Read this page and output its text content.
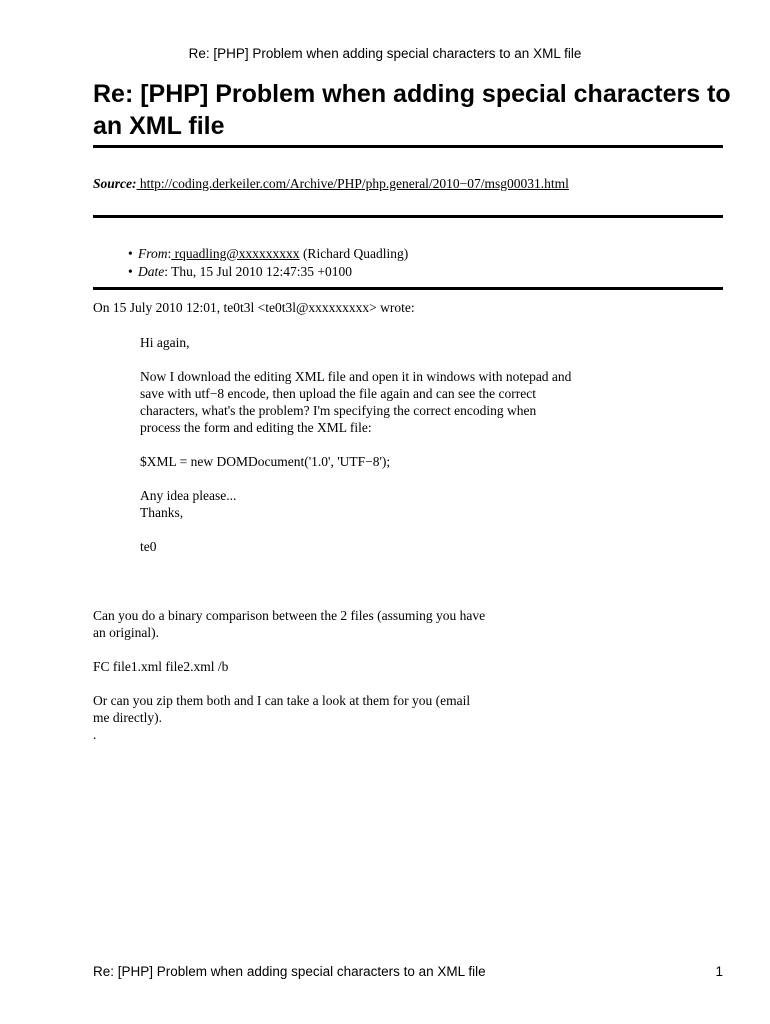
Re: [PHP] Problem when adding special characters to an XML file
Re: [PHP] Problem when adding special characters to an XML file
Source: http://coding.derkeiler.com/Archive/PHP/php.general/2010−07/msg00031.html
• From: rquadling@xxxxxxxxx (Richard Quadling)
• Date: Thu, 15 Jul 2010 12:47:35 +0100
On 15 July 2010 12:01, te0t3l <te0t3l@xxxxxxxxx> wrote:

Hi again,

Now I download the editing XML file and open it in windows with notepad and
save with utf−8 encode, then upload the file again and can see the correct
characters, what's the problem? I'm specifying the correct encoding when
process the form and editing the XML file:

$XML = new DOMDocument('1.0', 'UTF−8');

Any idea please...
Thanks,

te0

Can you do a binary comparison between the 2 files (assuming you have
an original).

FC file1.xml file2.xml /b

Or can you zip them both and I can take a look at them for you (email
me directly).
.

Re: [PHP] Problem when adding special characters to an XML file	1
